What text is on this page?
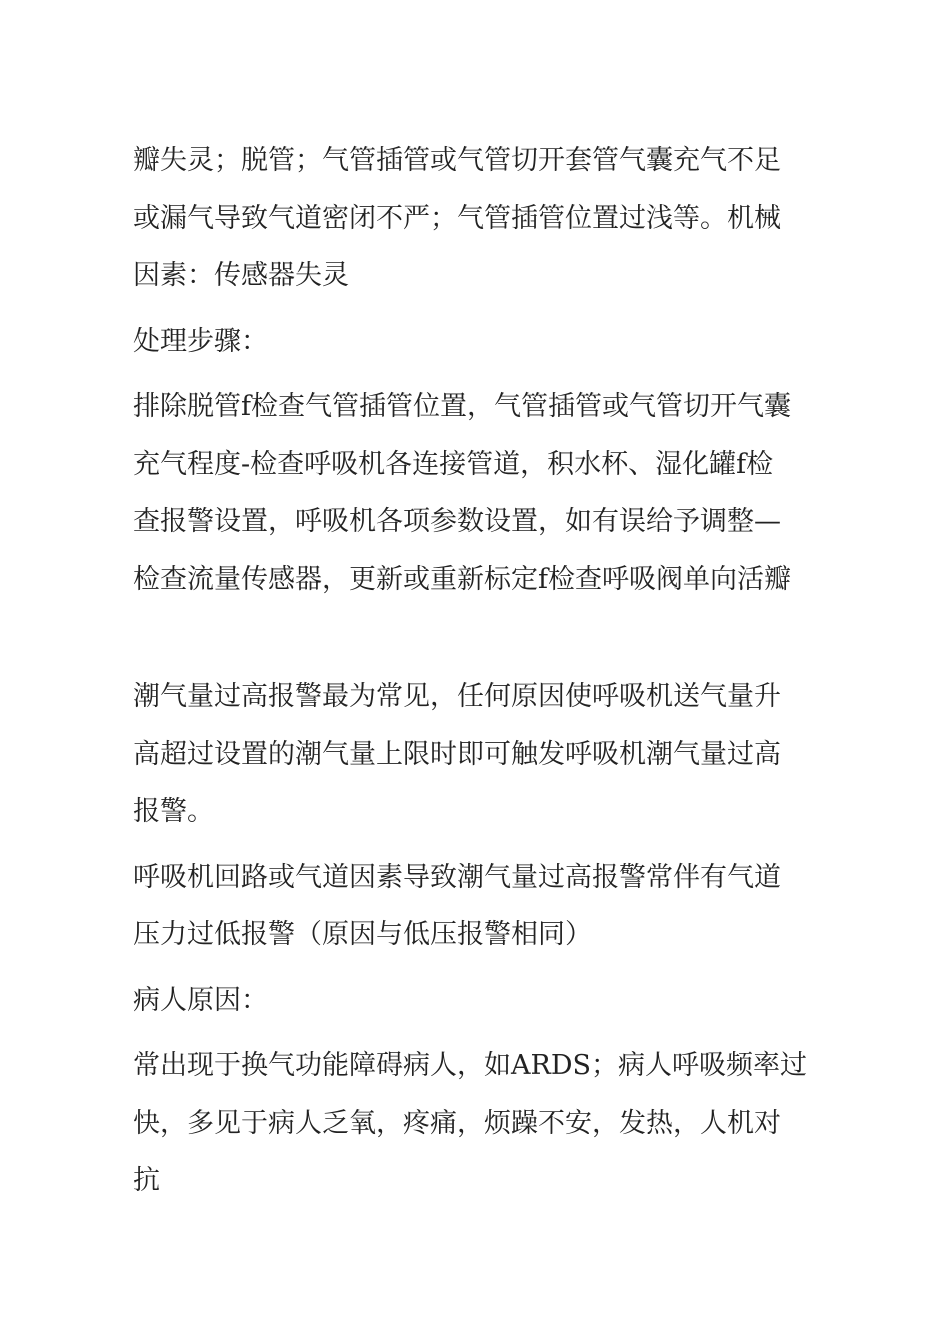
瓣失灵；脱管；气管插管或气管切开套管气囊充气不足
或漏气导致气道密闭不严；气管插管位置过浅等。机械
因素：传感器失灵
处理步骤：
排除脱管f检查气管插管位置，气管插管或气管切开气囊
充气程度-检查呼吸机各连接管道，积水杯、湿化罐f检
查报警设置，呼吸机各项参数设置，如有误给予调整—
检查流量传感器，更新或重新标定f检查呼吸阀单向活瓣
潮气量过高报警最为常见，任何原因使呼吸机送气量升
高超过设置的潮气量上限时即可触发呼吸机潮气量过高
报警。
呼吸机回路或气道因素导致潮气量过高报警常伴有气道
压力过低报警（原因与低压报警相同）
病人原因：
常出现于换气功能障碍病人，如ARDS；病人呼吸频率过
快，多见于病人乏氧，疼痛，烦躁不安，发热，人机对
抗
